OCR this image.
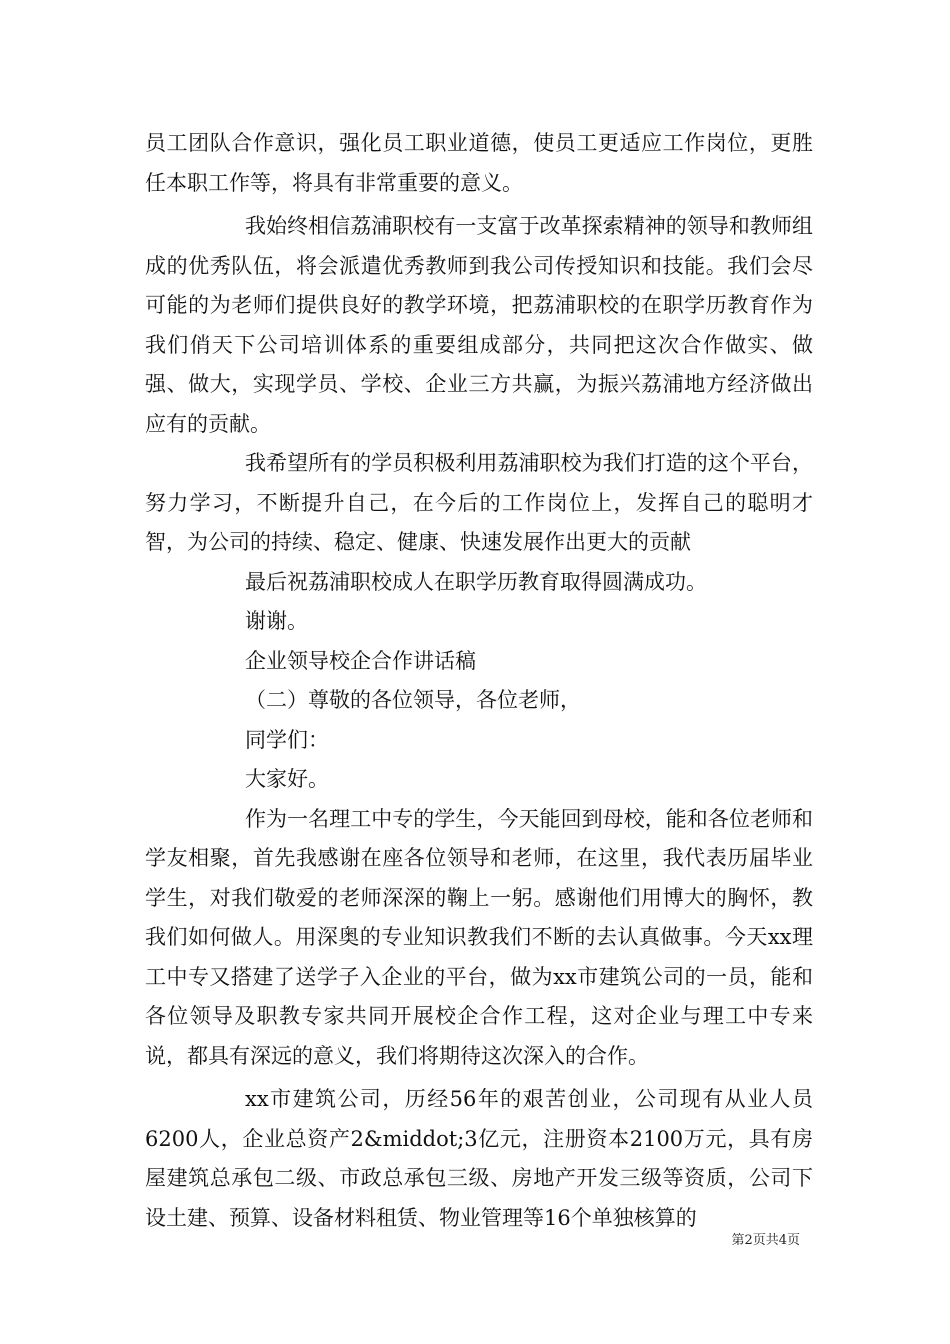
员工团队合作意识，强化员工职业道德，使员工更适应工作岗位，更胜任本职工作等，将具有非常重要的意义。

我始终相信荔浦职校有一支富于改革探索精神的领导和教师组成的优秀队伍，将会派遣优秀教师到我公司传授知识和技能。我们会尽可能的为老师们提供良好的教学环境，把荔浦职校的在职学历教育作为我们俏天下公司培训体系的重要组成部分，共同把这次合作做实、做强、做大，实现学员、学校、企业三方共赢，为振兴荔浦地方经济做出应有的贡献。

我希望所有的学员积极利用荔浦职校为我们打造的这个平台，努力学习，不断提升自己，在今后的工作岗位上，发挥自己的聪明才智，为公司的持续、稳定、健康、快速发展作出更大的贡献

最后祝荔浦职校成人在职学历教育取得圆满成功。

谢谢。

企业领导校企合作讲话稿

（二）尊敬的各位领导，各位老师，

同学们：

大家好。

作为一名理工中专的学生，今天能回到母校，能和各位老师和学友相聚，首先我感谢在座各位领导和老师，在这里，我代表历届毕业学生，对我们敬爱的老师深深的鞠上一躬。感谢他们用博大的胸怀，教我们如何做人。用深奥的专业知识教我们不断的去认真做事。今天xx理工中专又搭建了送学子入企业的平台，做为xx市建筑公司的一员，能和各位领导及职教专家共同开展校企合作工程，这对企业与理工中专来说，都具有深远的意义，我们将期待这次深入的合作。

xx市建筑公司，历经56年的艰苦创业，公司现有从业人员6200人，企业总资产2&middot;3亿元，注册资本2100万元，具有房屋建筑总承包二级、市政总承包三级、房地产开发三级等资质，公司下设土建、预算、设备材料租赁、物业管理等16个单独核算的

第2页共4页
